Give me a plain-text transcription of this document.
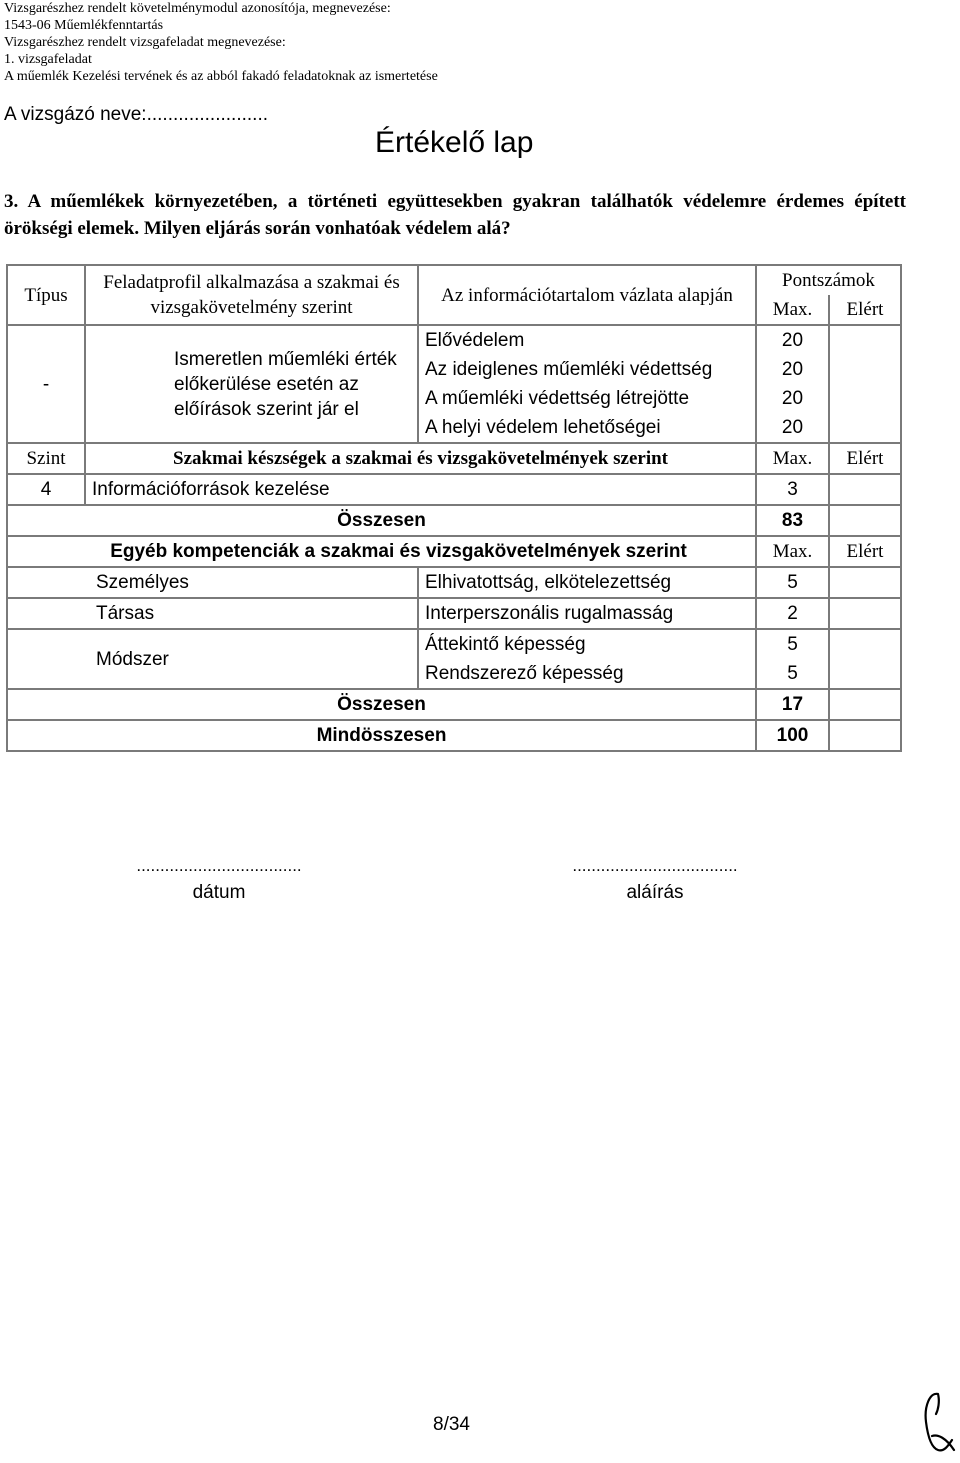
Vizsgarészhez rendelt követelménymodul azonosítója, megnevezése:
1543-06 Műemlékfenntartás
Vizsgarészhez rendelt vizsgafeladat megnevezése:
1. vizsgafeladat
A műemlék Kezelési tervének és az abból fakadó feladatoknak az ismertetése
A vizsgázó neve:.......................
Értékelő lap
3. A műemlékek környezetében, a történeti együttesekben gyakran találhatók védelemre érdemes épített örökségi elemek. Milyen eljárás során vonhatóak védelem alá?
Típus	Feladatprofil alkalmazása a szakmai és vizsgakövetelmény szerint	Az információtartalom vázlata alapján	Pontszámok	
			Max.	Elért
-	Ismeretlen műemléki érték előkerülése esetén az előírások szerint jár el	Elővédelem	20	
		Az ideiglenes műemléki védettség	20	
		A műemléki védettség létrejötte	20	
		A helyi védelem lehetőségei	20	
Szint	Szakmai készségek a szakmai és vizsgakövetelmények szerint		Max.	Elért
4	Információforrások kezelése		3	
Összesen			83	
Egyéb kompetenciák a szakmai és vizsgakövetelmények szerint			Max.	Elért
Személyes		Elhivatottság, elkötelezettség	5	
Társas		Interperszonális rugalmasság	2	
Módszer		Áttekintő képesség	5	
		Rendszerező képesség	5	
Összesen			17	
Mindösszesen			100	
...................................
dátum
...................................
aláírás
8/34
